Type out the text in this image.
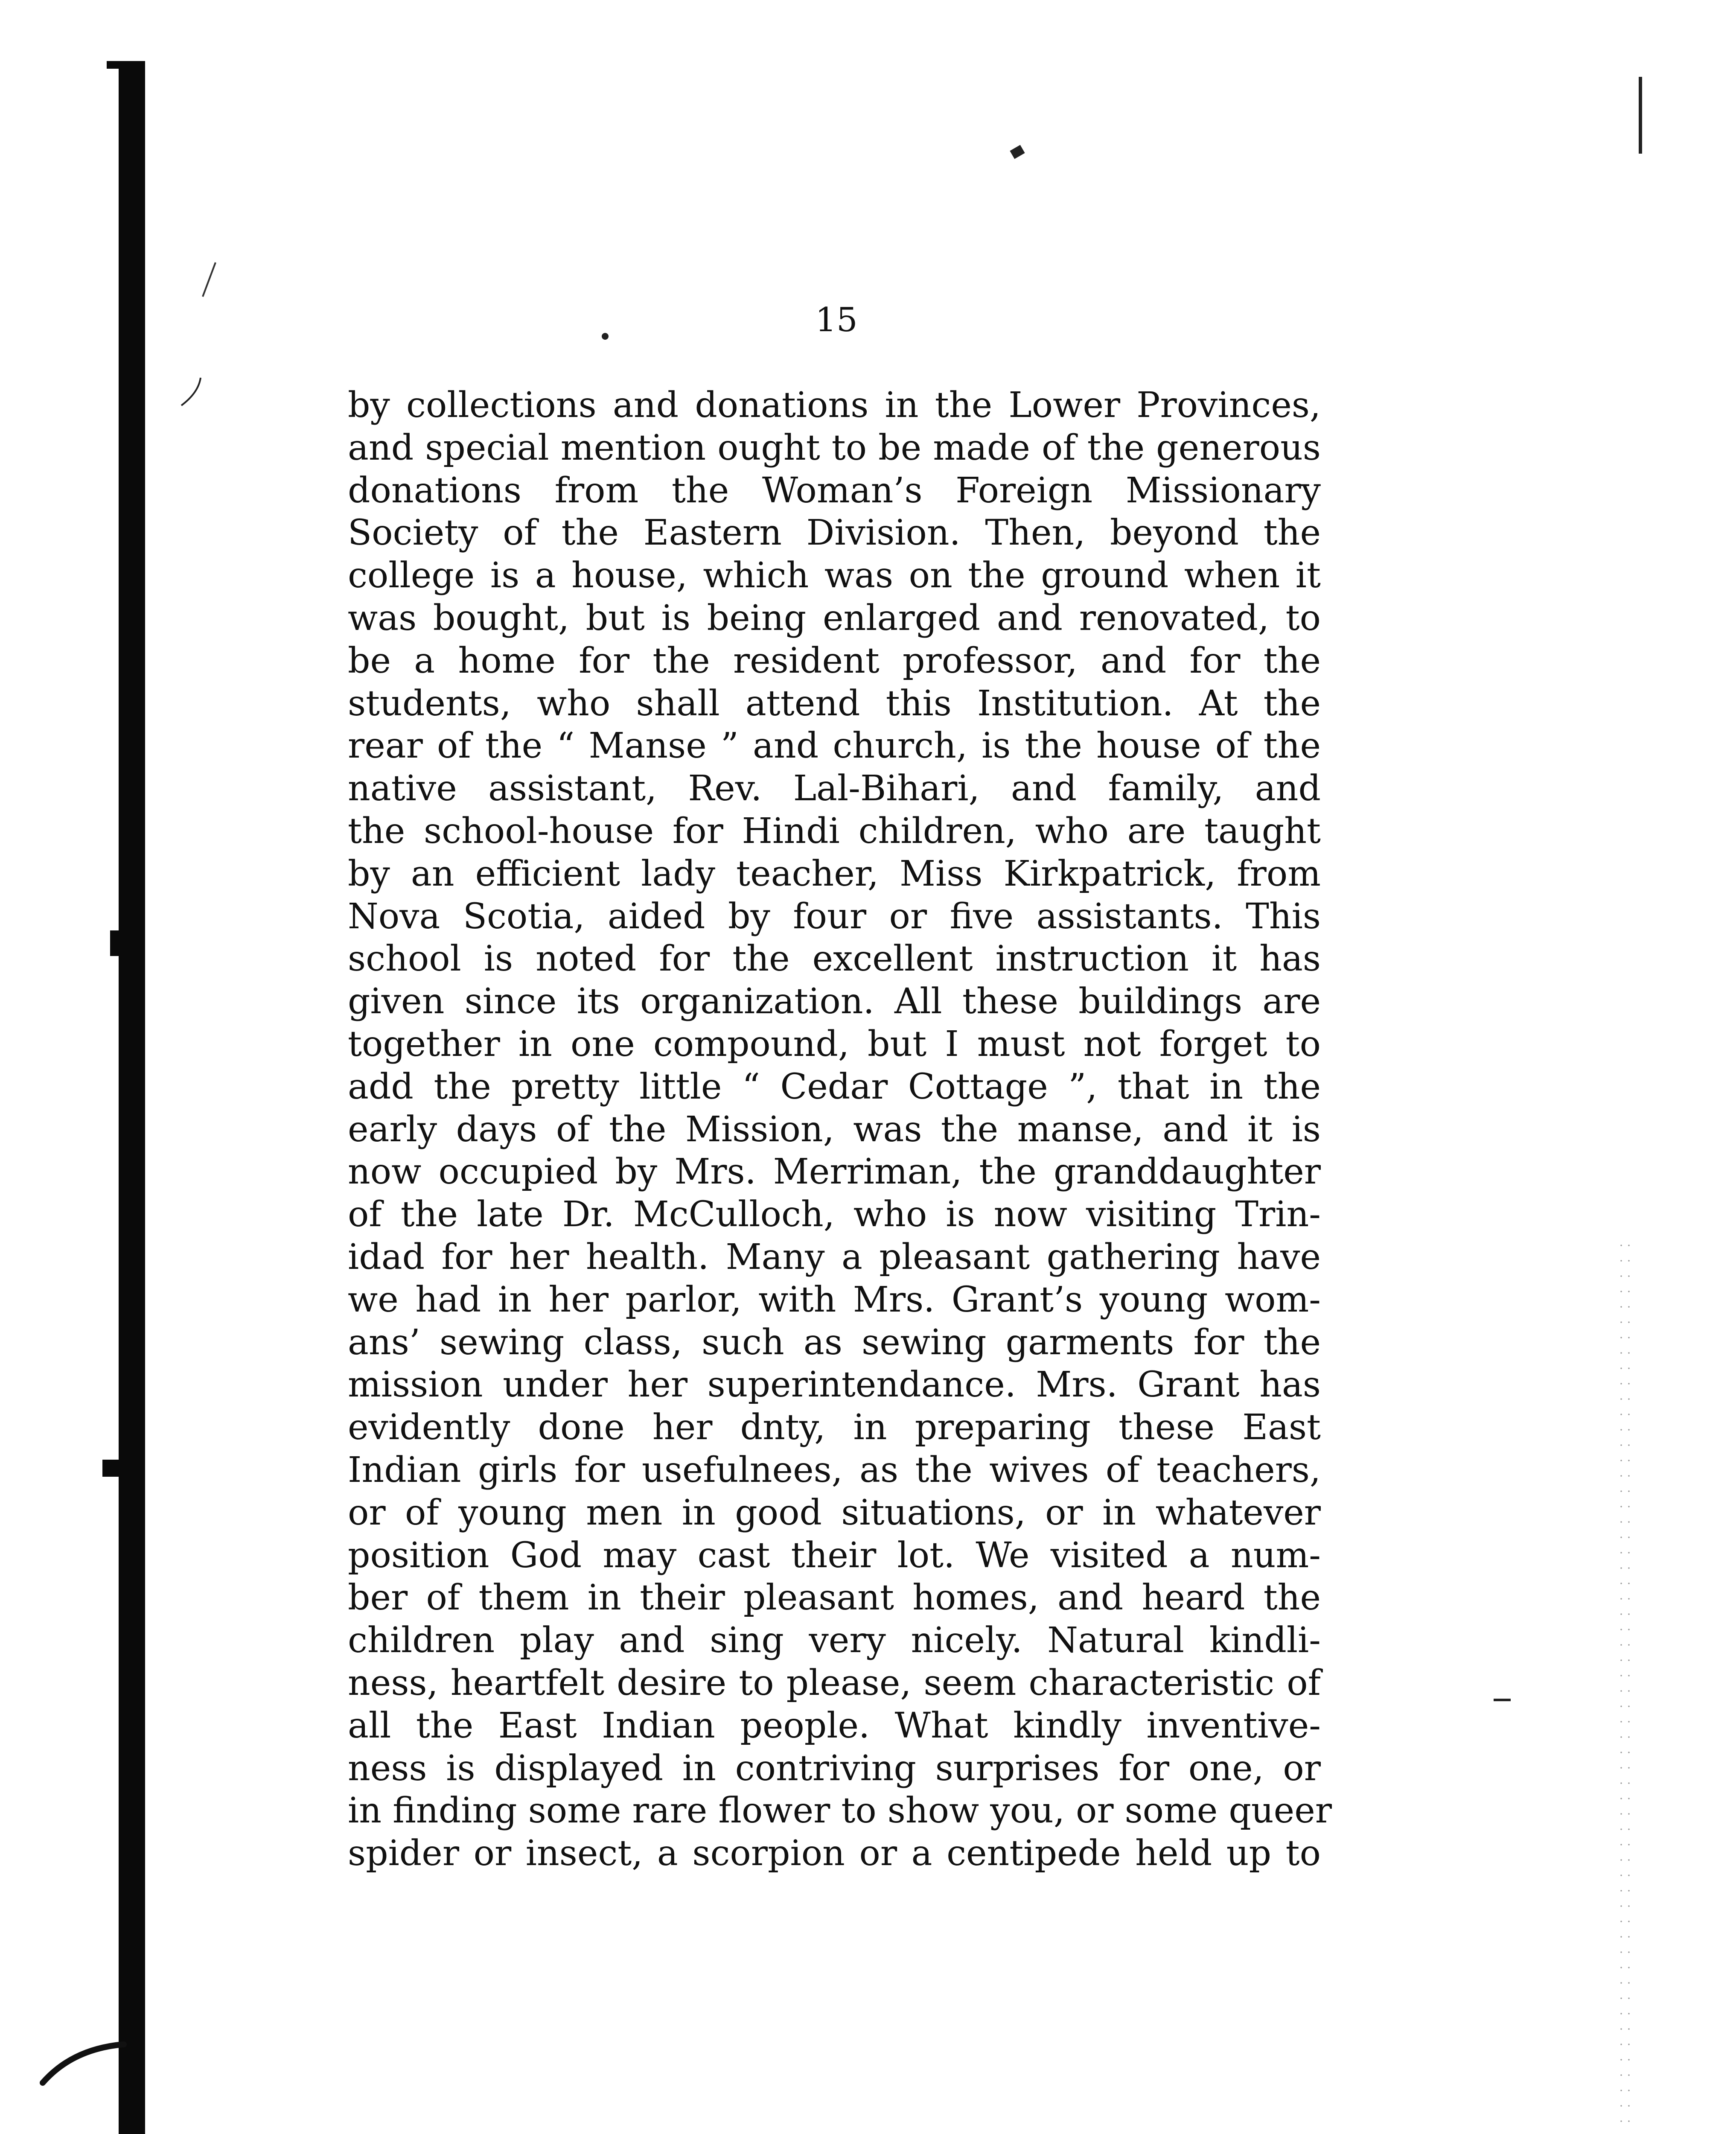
15
by collections and donations in the Lower Provinces,
and special mention ought to be made of the generous
donations from the Woman’s Foreign Missionary
Society of the Eastern Division. Then, beyond the
college is a house, which was on the ground when it
was bought, but is being enlarged and renovated, to
be a home for the resident professor, and for the
students, who shall attend this Institution. At the
rear of the “ Manse ” and church, is the house of the
native assistant, Rev. Lal-Bihari, and family, and
the school-house for Hindi children, who are taught
by an efficient lady teacher, Miss Kirkpatrick, from
Nova Scotia, aided by four or five assistants. This
school is noted for the excellent instruction it has
given since its organization. All these buildings are
together in one compound, but I must not forget to
add the pretty little “ Cedar Cottage ”, that in the
early days of the Mission, was the manse, and it is
now occupied by Mrs. Merriman, the granddaughter
of the late Dr. McCulloch, who is now visiting Trin-
idad for her health. Many a pleasant gathering have
we had in her parlor, with Mrs. Grant’s young wom-
ans’ sewing class, such as sewing garments for the
mission under her superintendance. Mrs. Grant has
evidently done her dnty, in preparing these East
Indian girls for usefulnees, as the wives of teachers,
or of young men in good situations, or in whatever
position God may cast their lot. We visited a num-
ber of them in their pleasant homes, and heard the
children play and sing very nicely. Natural kindli-
ness, heartfelt desire to please, seem characteristic of
all the East Indian people. What kindly inventive-
ness is displayed in contriving surprises for one, or
in finding some rare flower to show you, or some queer
spider or insect, a scorpion or a centipede held up to
